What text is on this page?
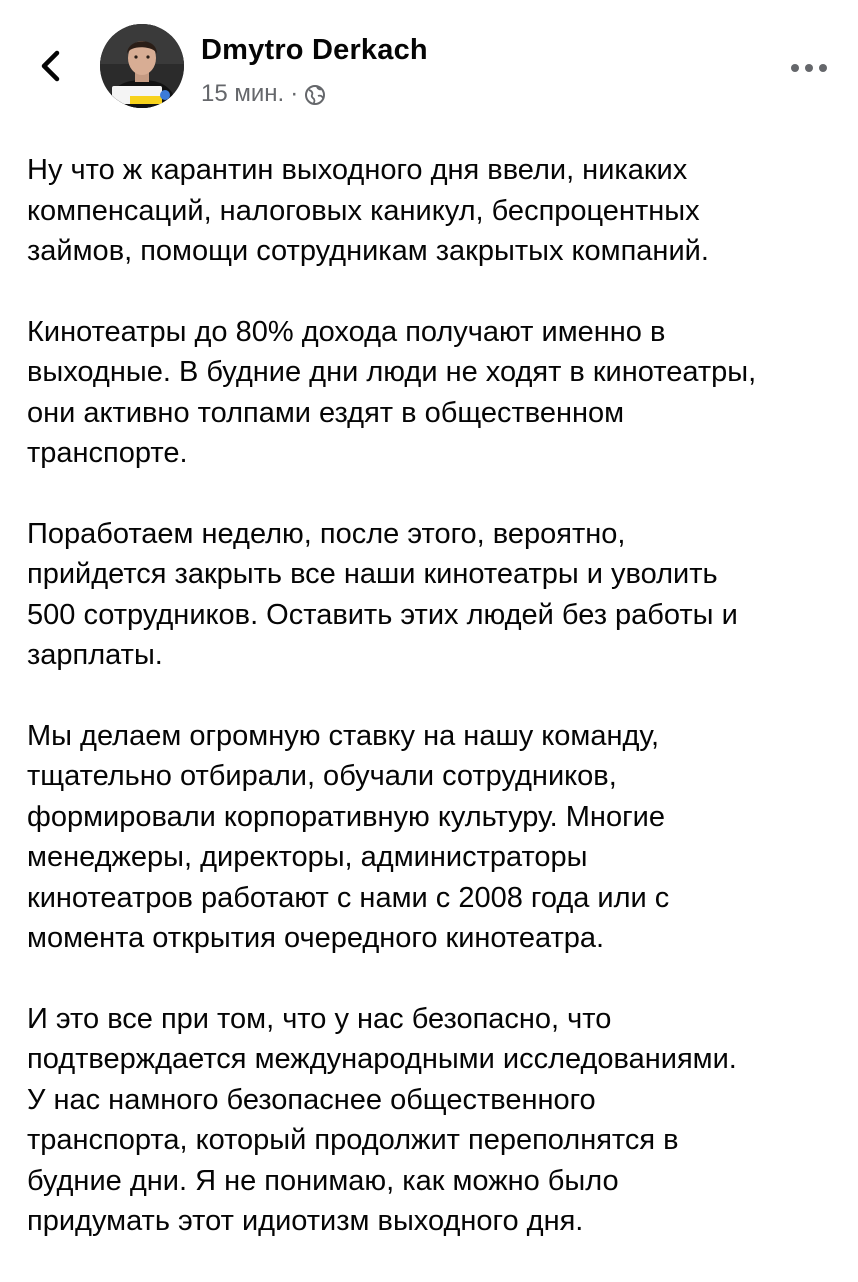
Dmytro Derkach
15 мин. ·

Ну что ж карантин выходного дня ввели, никаких
компенсаций, налоговых каникул, беспроцентных
займов, помощи сотрудникам закрытых компаний.

Кинотеатры до 80% дохода получают именно в
выходные. В будние дни люди не ходят в кинотеатры,
они активно толпами ездят в общественном
транспорте.

Поработаем неделю, после этого, вероятно,
прийдется закрыть все наши кинотеатры и уволить
500 сотрудников. Оставить этих людей без работы и
зарплаты.

Мы делаем огромную ставку на нашу команду,
тщательно отбирали, обучали сотрудников,
формировали корпоративную культуру. Многие
менеджеры, директоры, администраторы
кинотеатров работают с нами с 2008 года или с
момента открытия очередного кинотеатра.

И это все при том, что у нас безопасно, что
подтверждается международными исследованиями.
У нас намного безопаснее общественного
транспорта, который продолжит переполнятся в
будние дни. Я не понимаю, как можно было
придумать этот идиотизм выходного дня.
